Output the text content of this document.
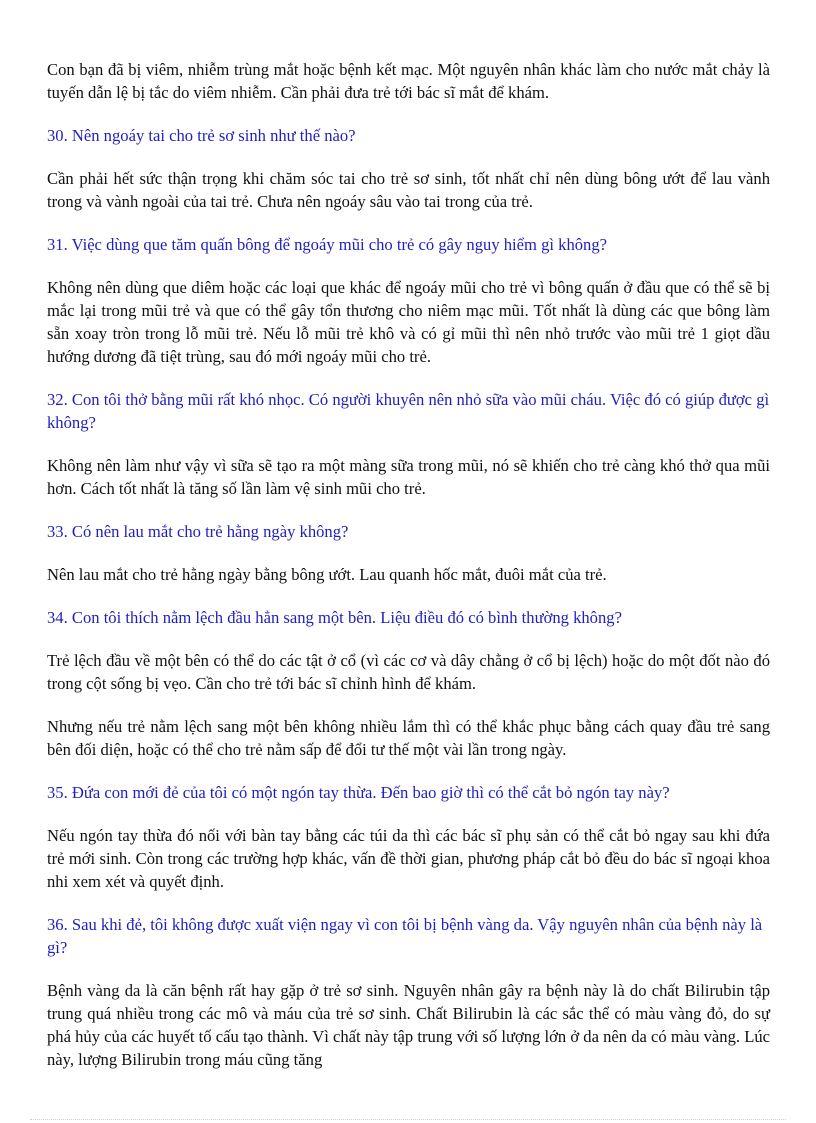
Con bạn đã bị viêm, nhiễm trùng mắt hoặc bệnh kết mạc. Một nguyên nhân khác làm cho nước mắt chảy là tuyến dẫn lệ bị tắc do viêm nhiễm. Cần phải đưa trẻ tới bác sĩ mắt để khám.

30. Nên ngoáy tai cho trẻ sơ sinh như thế nào?

Cần phải hết sức thận trọng khi chăm sóc tai cho trẻ sơ sinh, tốt nhất chỉ nên dùng bông ướt để lau vành trong và vành ngoài của tai trẻ. Chưa nên ngoáy sâu vào tai trong của trẻ.

31. Việc dùng que tăm quấn bông để ngoáy mũi cho trẻ có gây nguy hiểm gì không?

Không nên dùng que diêm hoặc các loại que khác để ngoáy mũi cho trẻ vì bông quấn ở đầu que có thể sẽ bị mắc lại trong mũi trẻ và que có thể gây tổn thương cho niêm mạc mũi. Tốt nhất là dùng các que bông làm sẵn xoay tròn trong lỗ mũi trẻ. Nếu lỗ mũi trẻ khô và có gỉ mũi thì nên nhỏ trước vào mũi trẻ 1 giọt dầu hướng dương đã tiệt trùng, sau đó mới ngoáy mũi cho trẻ.

32. Con tôi thở bằng mũi rất khó nhọc. Có người khuyên nên nhỏ sữa vào mũi cháu. Việc đó có giúp được gì không?

Không nên làm như vậy vì sữa sẽ tạo ra một màng sữa trong mũi, nó sẽ khiến cho trẻ càng khó thở qua mũi hơn. Cách tốt nhất là tăng số lần làm vệ sinh mũi cho trẻ.

33. Có nên lau mắt cho trẻ hằng ngày không?

Nên lau mắt cho trẻ hằng ngày bằng bông ướt. Lau quanh hốc mắt, đuôi mắt của trẻ.

34. Con tôi thích nằm lệch đầu hẳn sang một bên. Liệu điều đó có bình thường không?

Trẻ lệch đầu về một bên có thể do các tật ở cổ (vì các cơ và dây chằng ở cổ bị lệch) hoặc do một đốt nào đó trong cột sống bị vẹo. Cần cho trẻ tới bác sĩ chỉnh hình để khám.

Nhưng nếu trẻ nằm lệch sang một bên không nhiều lắm thì có thể khắc phục bằng cách quay đầu trẻ sang bên đối diện, hoặc có thể cho trẻ nằm sấp để đổi tư thế một vài lần trong ngày.

35. Đứa con mới đẻ của tôi có một ngón tay thừa. Đến bao giờ thì có thể cắt bỏ ngón tay này?

Nếu ngón tay thừa đó nối với bàn tay bằng các túi da thì các bác sĩ phụ sản có thể cắt bỏ ngay sau khi đứa trẻ mới sinh. Còn trong các trường hợp khác, vấn đề thời gian, phương pháp cắt bỏ đều do bác sĩ ngoại khoa nhi xem xét và quyết định.

36. Sau khi đẻ, tôi không được xuất viện ngay vì con tôi bị bệnh vàng da. Vậy nguyên nhân của bệnh này là gì?

Bệnh vàng da là căn bệnh rất hay gặp ở trẻ sơ sinh. Nguyên nhân gây ra bệnh này là do chất Bilirubin tập trung quá nhiều trong các mô và máu của trẻ sơ sinh. Chất Bilirubin là các sắc thể có màu vàng đỏ, do sự phá hủy của các huyết tố cấu tạo thành. Vì chất này tập trung với số lượng lớn ở da nên da có màu vàng. Lúc này, lượng Bilirubin trong máu cũng tăng
